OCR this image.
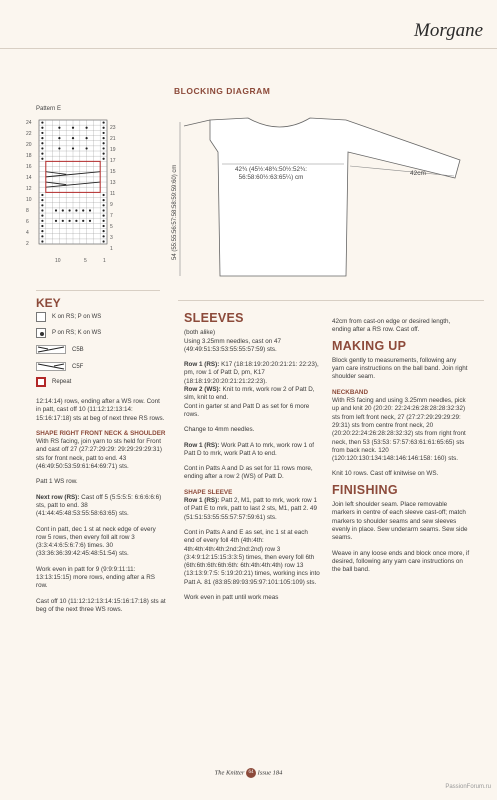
Morgane
BLOCKING DIAGRAM
42¾ (45½:48¾:50½:52¾:
56:58:60½:63:65¼) cm
42cm
54 (55:55:56:57:58:58:59:59:60) cm
Pattern E
24
22
20
18
16
14
12
10
8
6
4
2
23
21
19
17
15
13
11
9
7
5
3
1
10	5	1
KEY
K on RS; P on WS
P on RS; K on WS
C5B
C5F
Repeat

12:14:14) rows, ending after a WS row. Cont in patt, cast off 10 (11:12:12:13:14: 15:16:17:18) sts at beg of next three RS rows.

SHAPE RIGHT FRONT NECK & SHOULDER

With RS facing, join yarn to sts held for Front and cast off 27 (27:27:29:29: 29:29:29:29:31) sts for front neck, patt to end. 43 (46:49:50:53:59:61:64:69:71) sts.

Patt 1 WS row.

Next row (RS): Cast off 5 (5:5:5:5: 6:6:6:6:6) sts, patt to end. 38 (41:44:45:48:53:55:58:63:65) sts.

Cont in patt, dec 1 st at neck edge of every row 5 rows, then every foll alt row 3 (3:3:4:4:6:5:6:7:6) times. 30 (33:36:36:39:42:45:48:51:54) sts.

Work even in patt for 9 (9:9:9:11:11: 13:13:15:15) more rows, ending after a RS row.

Cast off 10 (11:12:12:13:14:15:16:17:18) sts at beg of the next three WS rows.

SLEEVES

(both alike)

Using 3.25mm needles, cast on 47 (49:49:51:53:53:55:55:57:59) sts.

Row 1 (RS): K17 (18:18:19:20:20:21:21: 22:23), pm, row 1 of Patt D, pm, K17 (18:18:19:20:20:21:21:22:23).

Row 2 (WS): Knit to mrk, work row 2 of Patt D, slm, knit to end.

Cont in garter st and Patt D as set for 6 more rows.

Change to 4mm needles.

Row 1 (RS): Work Patt A to mrk, work row 1 of Patt D to mrk, work Patt A to end.

Cont in Patts A and D as set for 11 rows more, ending after a row 2 (WS) of Patt D.

SHAPE SLEEVE

Row 1 (RS): Patt 2, M1, patt to mrk, work row 1 of Patt E to mrk, patt to last 2 sts, M1, patt 2. 49 (51:51:53:55:55:57:57:59:61) sts.

Cont in Patts A and E as set, inc 1 st at each end of every foll 4th (4th:4th: 4th:4th:4th:4th:2nd:2nd:2nd) row 3 (3:4:9:12:15:15:3:3:5) times, then every foll 6th (6th:6th:6th:6th:6th: 6th:4th:4th:4th) row 13 (13:13:9:7:5: 5:19:20:21) times, working incs into Patt A. 81 (83:85:89:93:95:97:101:105:109) sts.

Work even in patt until work meas

42cm from cast-on edge or desired length, ending after a RS row. Cast off.

MAKING UP

Block gently to measurements, following any yarn care instructions on the ball band. Join right shoulder seam.

NECKBAND

With RS facing and using 3.25mm needles, pick up and knit 20 (20:20: 22:24:26:28:28:28:32:32) sts from left front neck, 27 (27:27:29:29:29:29: 29:31) sts from centre front neck, 20 (20:20:22:24:26:28:28:32:32) sts from right front neck, then 53 (53:53: 57:57:63:61:61:65:65) sts from back neck. 120 (120:120:130:134:148:146:146:158: 160) sts.

Knit 10 rows. Cast off knitwise on WS.

FINISHING

Join left shoulder seam. Place removable markers in centre of each sleeve cast-off; match markers to shoulder seams and sew sleeves evenly in place. Sew underarm seams. Sew side seams.

Weave in any loose ends and block once more, if desired, following any yarn care instructions on the ball band.

The Knitter 64 Issue 184
PassionForum.ru
